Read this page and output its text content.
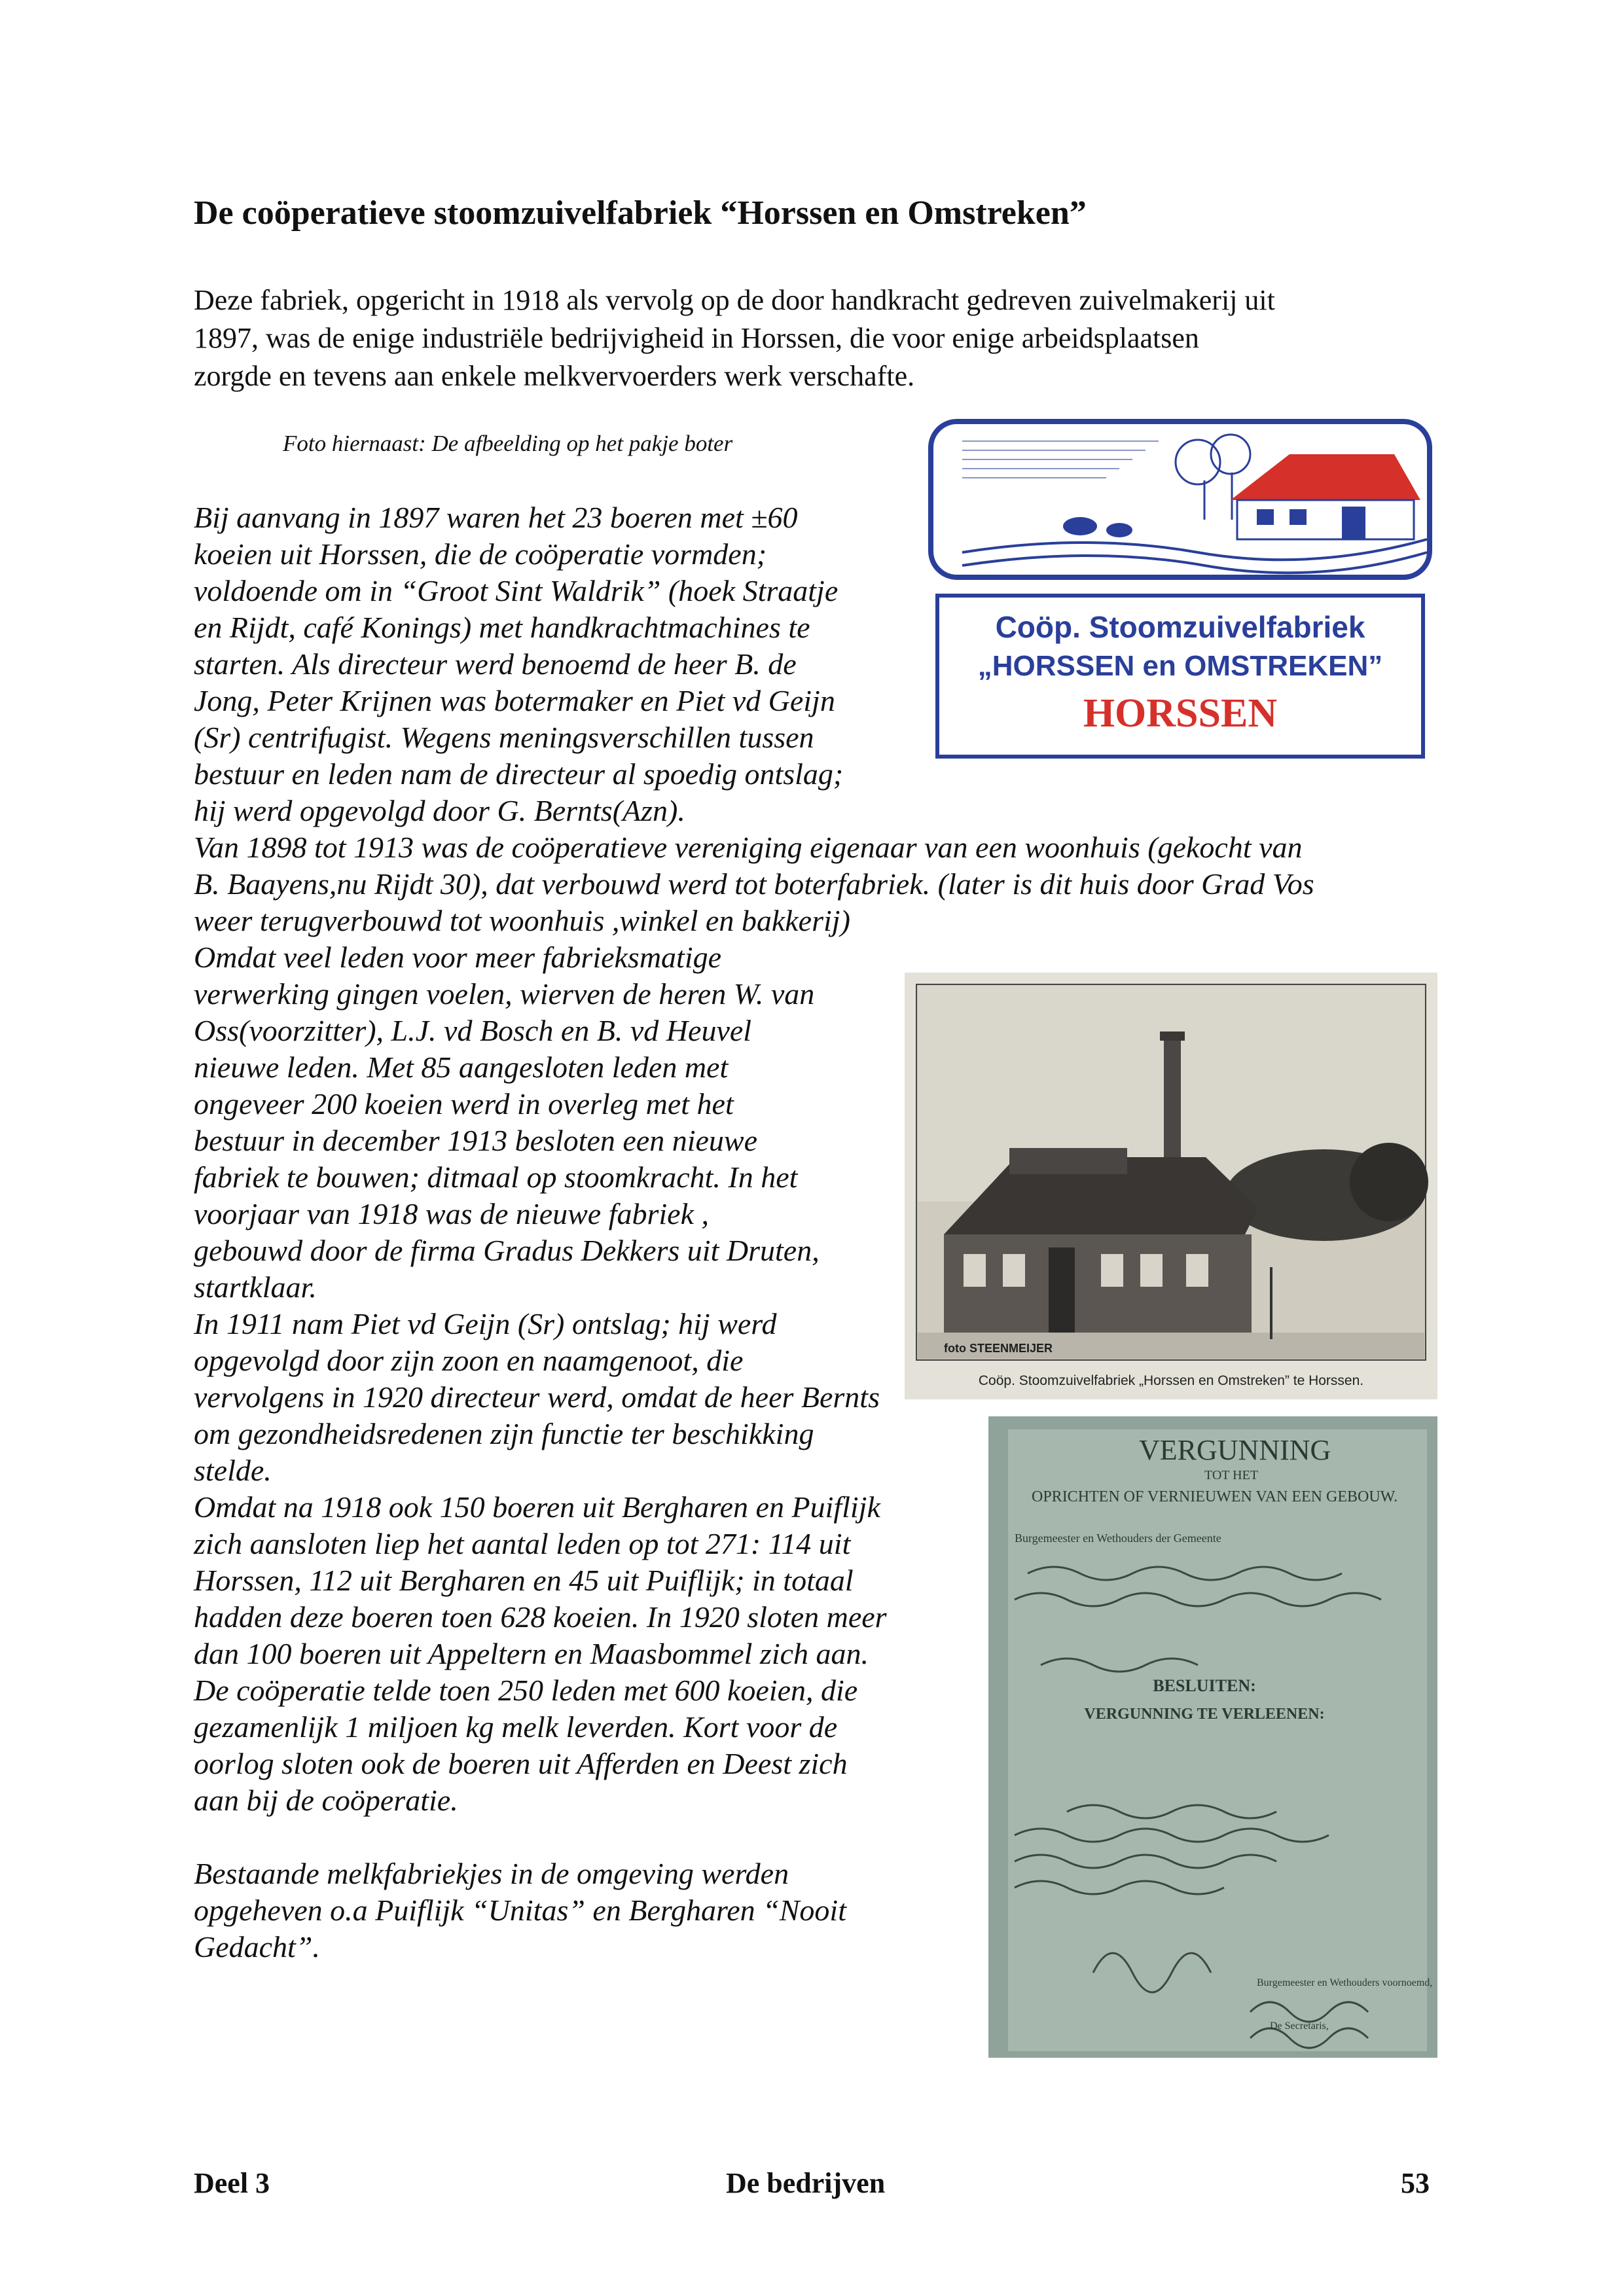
De coöperatieve stoomzuivelfabriek “Horssen en Omstreken”
Deze fabriek, opgericht in 1918 als vervolg op de door handkracht gedreven zuivelmakerij uit
1897, was de enige industriële bedrijvigheid in Horssen, die voor enige arbeidsplaatsen
zorgde en tevens aan enkele melkvervoerders werk verschafte.
Foto hiernaast: De afbeelding op het pakje boter
Bij aanvang in 1897 waren het 23 boeren met ±60
koeien uit Horssen, die de coöperatie vormden;
voldoende om in “Groot Sint Waldrik” (hoek Straatje
en Rijdt, café Konings) met handkrachtmachines te
starten. Als directeur werd benoemd de heer B. de
Jong, Peter Krijnen was botermaker en Piet vd Geijn
(Sr) centrifugist. Wegens meningsverschillen tussen
bestuur en leden nam de directeur al spoedig ontslag;
hij werd opgevolgd door G. Bernts(Azn).
Van 1898 tot 1913 was de coöperatieve vereniging eigenaar van een woonhuis (gekocht van
B. Baayens,nu Rijdt 30), dat verbouwd werd tot boterfabriek. (later is dit huis door Grad Vos
weer terugverbouwd tot woonhuis ,winkel en bakkerij)
Omdat veel leden voor meer fabrieksmatige
verwerking gingen voelen, wierven de heren W. van
Oss(voorzitter), L.J. vd Bosch en B. vd Heuvel
nieuwe leden. Met 85 aangesloten leden met
ongeveer 200 koeien werd in overleg met het
bestuur in december 1913 besloten een nieuwe
fabriek te bouwen; ditmaal op stoomkracht. In het
voorjaar van 1918 was de nieuwe fabriek ,
gebouwd door de firma Gradus Dekkers uit Druten,
startklaar.
In 1911 nam Piet vd Geijn (Sr) ontslag; hij werd
opgevolgd door zijn zoon en naamgenoot, die
vervolgens in 1920 directeur werd, omdat de heer Bernts
om gezondheidsredenen zijn functie ter beschikking
stelde.
Omdat na 1918 ook 150 boeren uit Bergharen en Puiflijk
zich aansloten liep het aantal leden op tot 271: 114 uit
Horssen, 112 uit Bergharen en 45 uit Puiflijk; in totaal
hadden deze boeren toen 628 koeien. In 1920 sloten meer
dan 100 boeren uit Appeltern en Maasbommel zich aan.
De coöperatie telde toen 250 leden met 600 koeien, die
gezamenlijk 1 miljoen kg melk leverden. Kort voor de
oorlog sloten ook de boeren uit Afferden en Deest zich
aan bij de coöperatie.
Bestaande melkfabriekjes in de omgeving werden
opgeheven o.a Puiflijk “Unitas” en Bergharen “Nooit
Gedacht”.
Coöp. Stoomzuivelfabriek
„HORSSEN en OMSTREKEN”
HORSSEN
foto STEENMEIJER
Coöp. Stoomzuivelfabriek „Horssen en Omstreken” te Horssen.
VERGUNNING
TOT HET
OPRICHTEN OF VERNIEUWEN VAN EEN GEBOUW.
Burgemeester en Wethouders der Gemeente
BESLUITEN:
VERGUNNING TE VERLEENEN:
Burgemeester en Wethouders voornoemd,
De Secretaris,
Deel 3	De bedrijven	53
